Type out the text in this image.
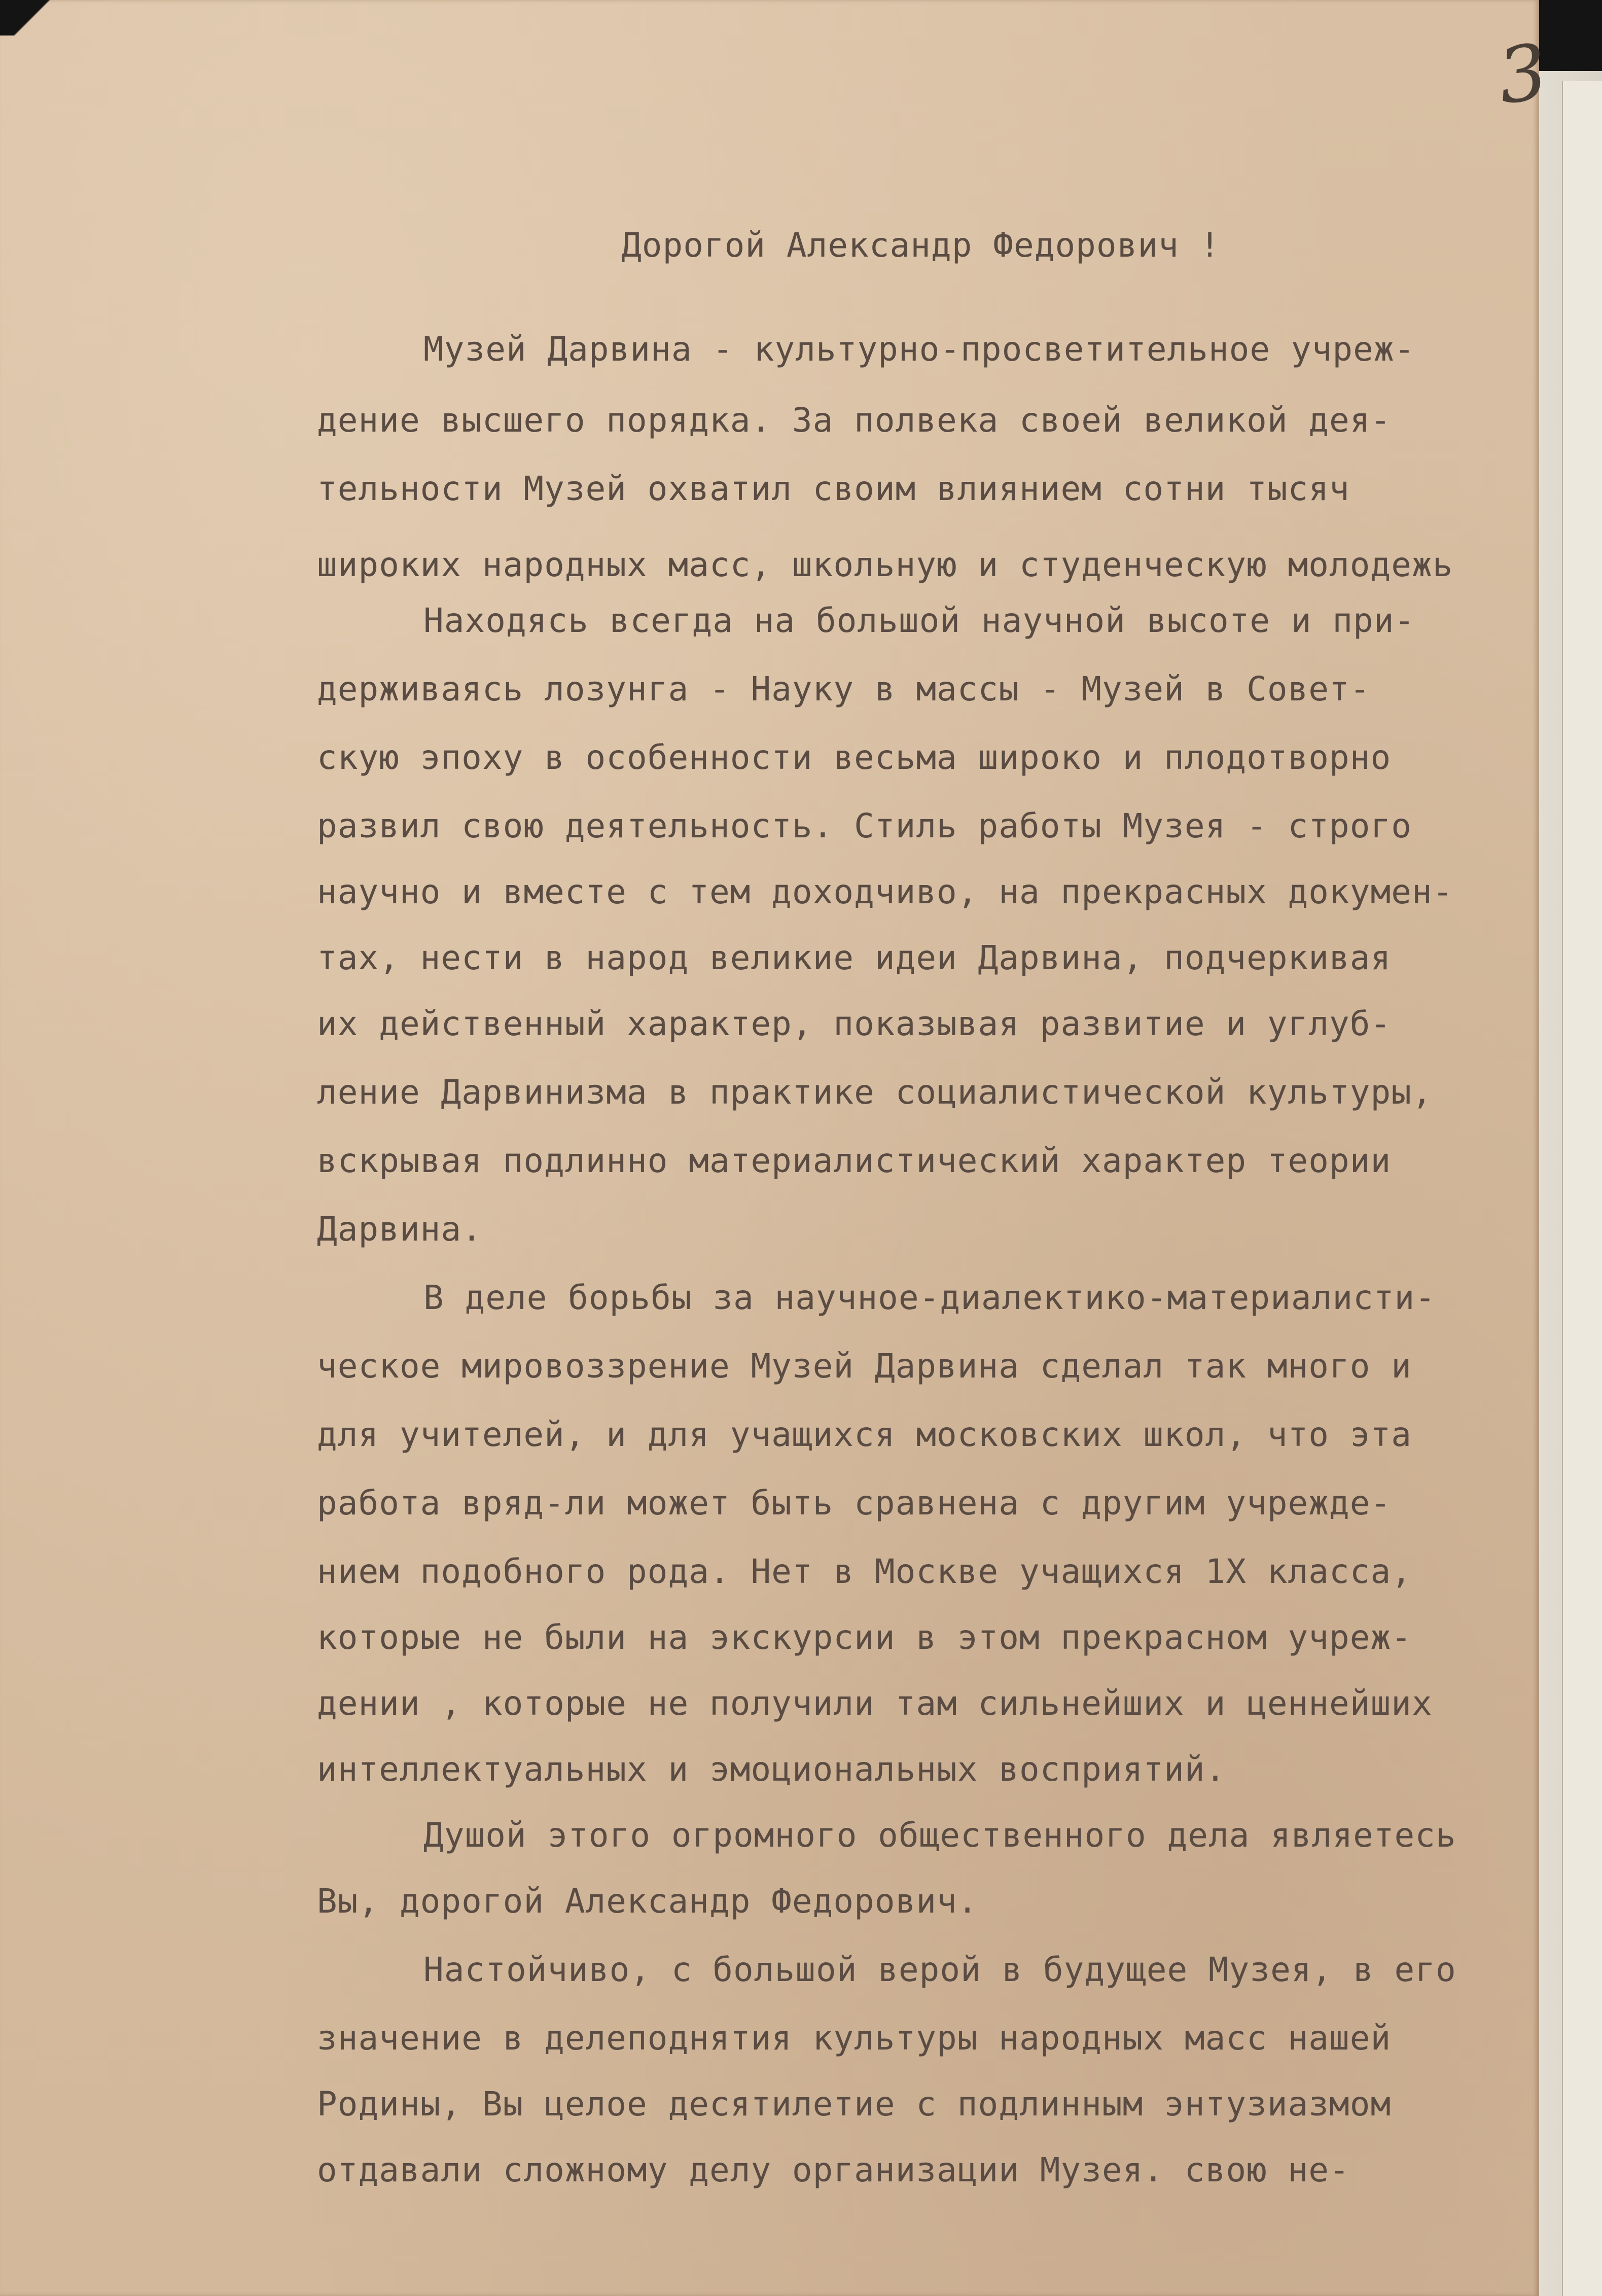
3
Дорогой Александр Федорович !
Музей Дарвина - культурно-просветительное учреж-
дение высшего порядка. За полвека своей великой дея-
тельности Музей охватил своим влиянием сотни тысяч
широких народных масс, школьную и студенческую молодежь
Находясь всегда на большой научной высоте и при-
держиваясь лозунга - Науку в массы - Музей в Совет-
скую эпоху в особенности весьма широко и плодотворно
развил свою деятельность. Стиль работы Музея - строго
научно и вместе с тем доходчиво, на прекрасных докумен-
тах, нести в народ великие идеи Дарвина, подчеркивая
их действенный характер, показывая развитие и углуб-
ление Дарвинизма в практике социалистической культуры,
вскрывая подлинно материалистический характер теории
Дарвина.
В деле борьбы за научное-диалектико-материалисти-
ческое мировоззрение Музей Дарвина сделал так много и
для учителей, и для учащихся московских школ, что эта
работа вряд-ли может быть сравнена с другим учрежде-
нием подобного рода. Нет в Москве учащихся 1Х класса,
которые не были на экскурсии в этом прекрасном учреж-
дении , которые не получили там сильнейших и ценнейших
интеллектуальных и эмоциональных восприятий.
Душой этого огромного общественного дела являетесь
Вы, дорогой Александр Федорович.
Настойчиво, с большой верой в будущее Музея, в его
значение в делеподнятия культуры народных масс нашей
Родины, Вы целое десятилетие с подлинным энтузиазмом
отдавали сложному делу организации Музея. свою не-
